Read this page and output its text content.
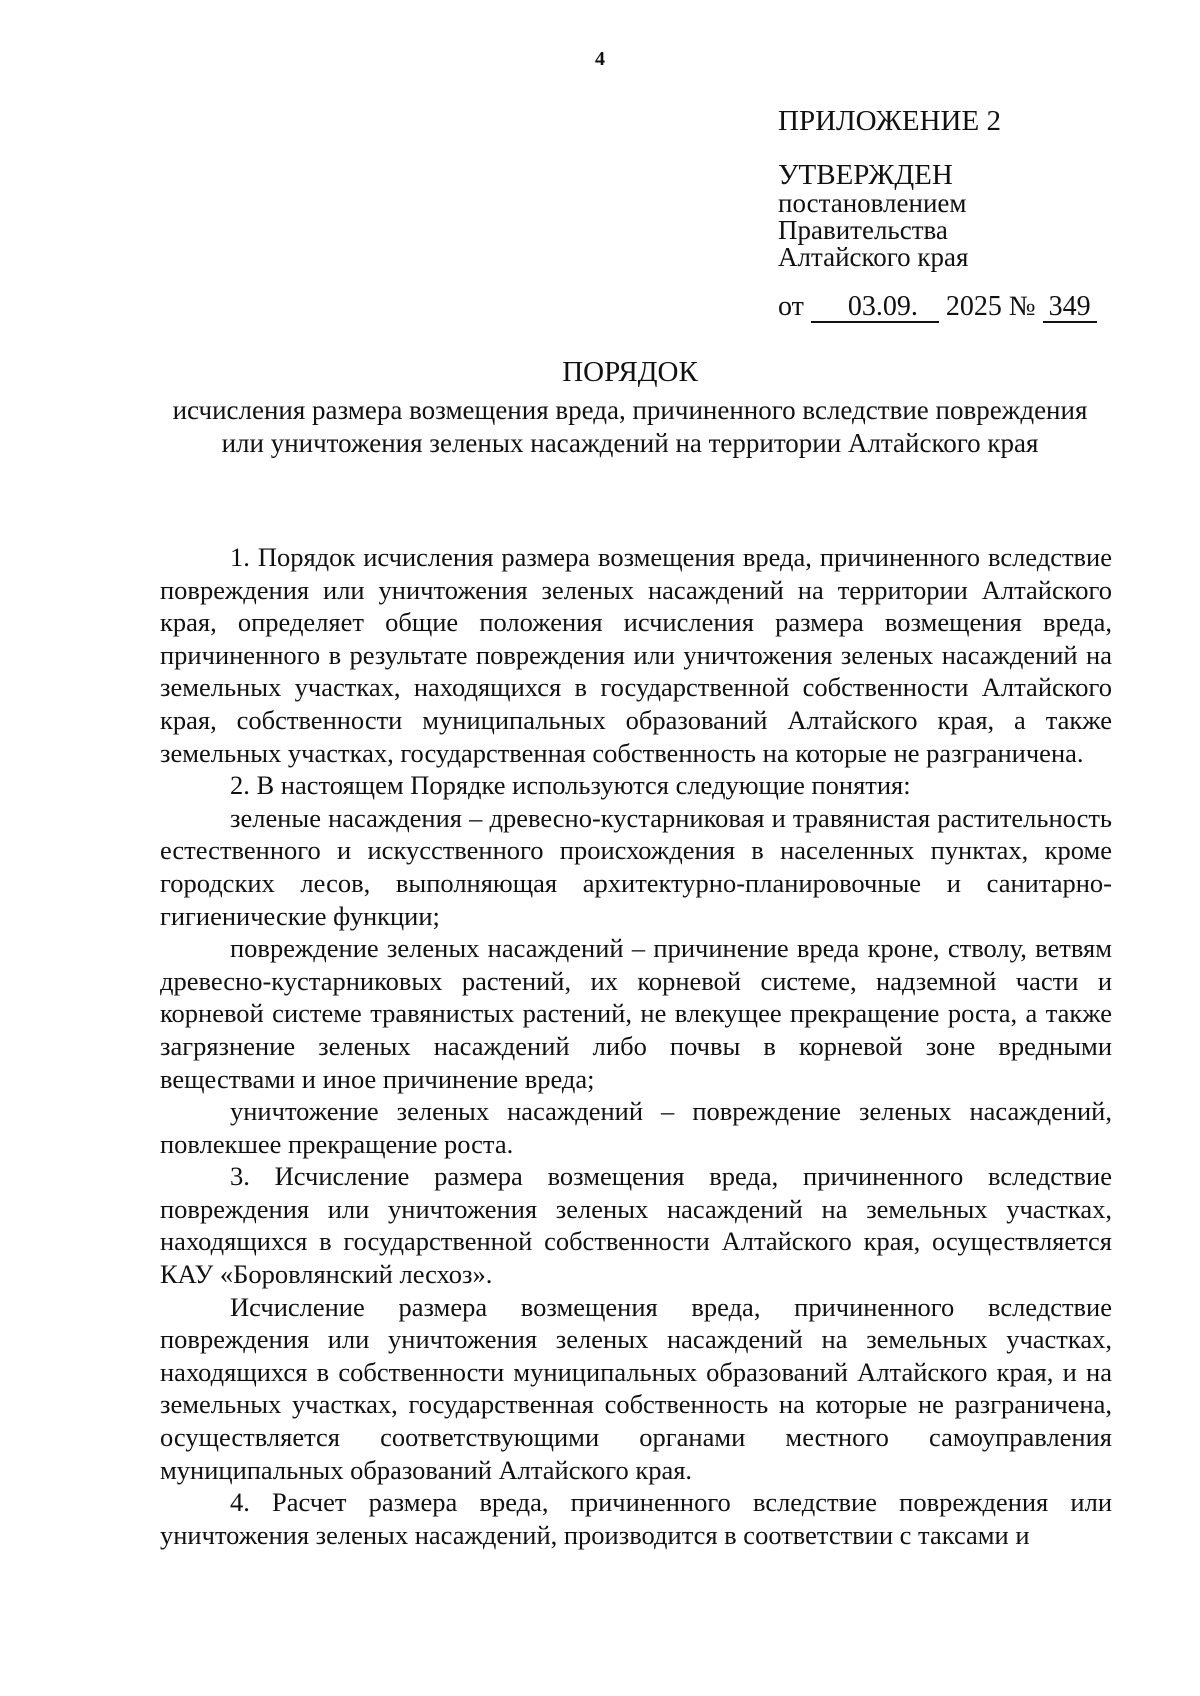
4
ПРИЛОЖЕНИЕ 2
УТВЕРЖДЕН
постановлением
Правительства
Алтайского края
от 03.09. 2025 № 349
ПОРЯДОК
исчисления размера возмещения вреда, причиненного вследствие повреждения или уничтожения зеленых насаждений на территории Алтайского края

1. Порядок исчисления размера возмещения вреда, причиненного вследствие повреждения или уничтожения зеленых насаждений на территории Алтайского края, определяет общие положения исчисления размера возмещения вреда, причиненного в результате повреждения или уничтожения зеленых насаждений на земельных участках, находящихся в государственной собственности Алтайского края, собственности муниципальных образований Алтайского края, а также земельных участках, государственная собственность на которые не разграничена.

2. В настоящем Порядке используются следующие понятия:

зеленые насаждения – древесно-кустарниковая и травянистая растительность естественного и искусственного происхождения в населенных пунктах, кроме городских лесов, выполняющая архитектурно-планировочные и санитарно-гигиенические функции;

повреждение зеленых насаждений – причинение вреда кроне, стволу, ветвям древесно-кустарниковых растений, их корневой системе, надземной части и корневой системе травянистых растений, не влекущее прекращение роста, а также загрязнение зеленых насаждений либо почвы в корневой зоне вредными веществами и иное причинение вреда;

уничтожение зеленых насаждений – повреждение зеленых насаждений, повлекшее прекращение роста.

3. Исчисление размера возмещения вреда, причиненного вследствие повреждения или уничтожения зеленых насаждений на земельных участках, находящихся в государственной собственности Алтайского края, осуществляется КАУ «Боровлянский лесхоз».

Исчисление размера возмещения вреда, причиненного вследствие повреждения или уничтожения зеленых насаждений на земельных участках, находящихся в собственности муниципальных образований Алтайского края, и на земельных участках, государственная собственность на которые не разграничена, осуществляется соответствующими органами местного самоуправления муниципальных образований Алтайского края.

4. Расчет размера вреда, причиненного вследствие повреждения или уничтожения зеленых насаждений, производится в соответствии с таксами и
